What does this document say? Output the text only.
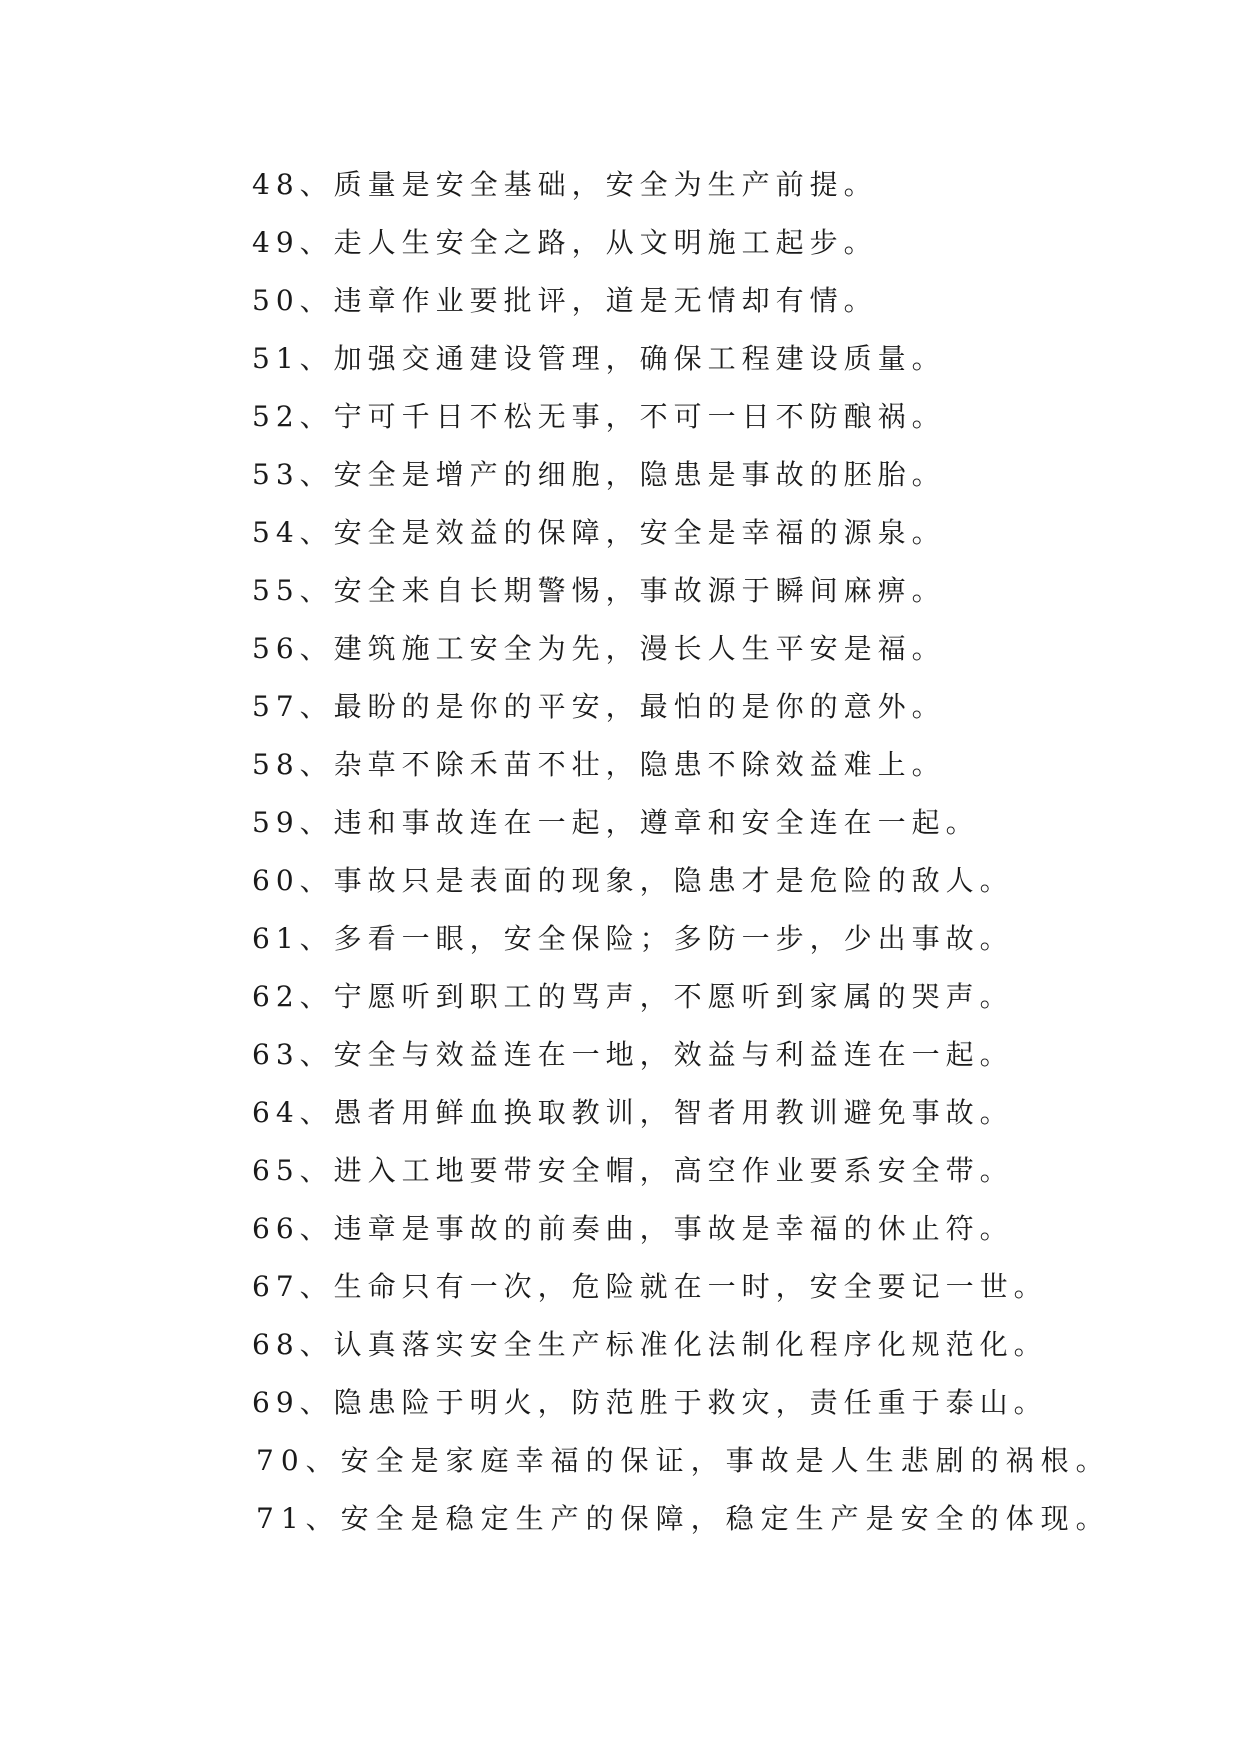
48、质量是安全基础，安全为生产前提。

49、走人生安全之路，从文明施工起步。

50、违章作业要批评，道是无情却有情。

51、加强交通建设管理，确保工程建设质量。

52、宁可千日不松无事，不可一日不防酿祸。

53、安全是增产的细胞，隐患是事故的胚胎。

54、安全是效益的保障，安全是幸福的源泉。

55、安全来自长期警惕，事故源于瞬间麻痹。

56、建筑施工安全为先，漫长人生平安是福。

57、最盼的是你的平安，最怕的是你的意外。

58、杂草不除禾苗不壮，隐患不除效益难上。

59、违和事故连在一起，遵章和安全连在一起。

60、事故只是表面的现象，隐患才是危险的敌人。

61、多看一眼，安全保险；多防一步，少出事故。

62、宁愿听到职工的骂声，不愿听到家属的哭声。

63、安全与效益连在一地，效益与利益连在一起。

64、愚者用鲜血换取教训，智者用教训避免事故。

65、进入工地要带安全帽，高空作业要系安全带。

66、违章是事故的前奏曲，事故是幸福的休止符。

67、生命只有一次，危险就在一时，安全要记一世。

68、认真落实安全生产标准化法制化程序化规范化。

69、隐患险于明火，防范胜于救灾，责任重于泰山。

70、安全是家庭幸福的保证，事故是人生悲剧的祸根。

71、安全是稳定生产的保障，稳定生产是安全的体现。
